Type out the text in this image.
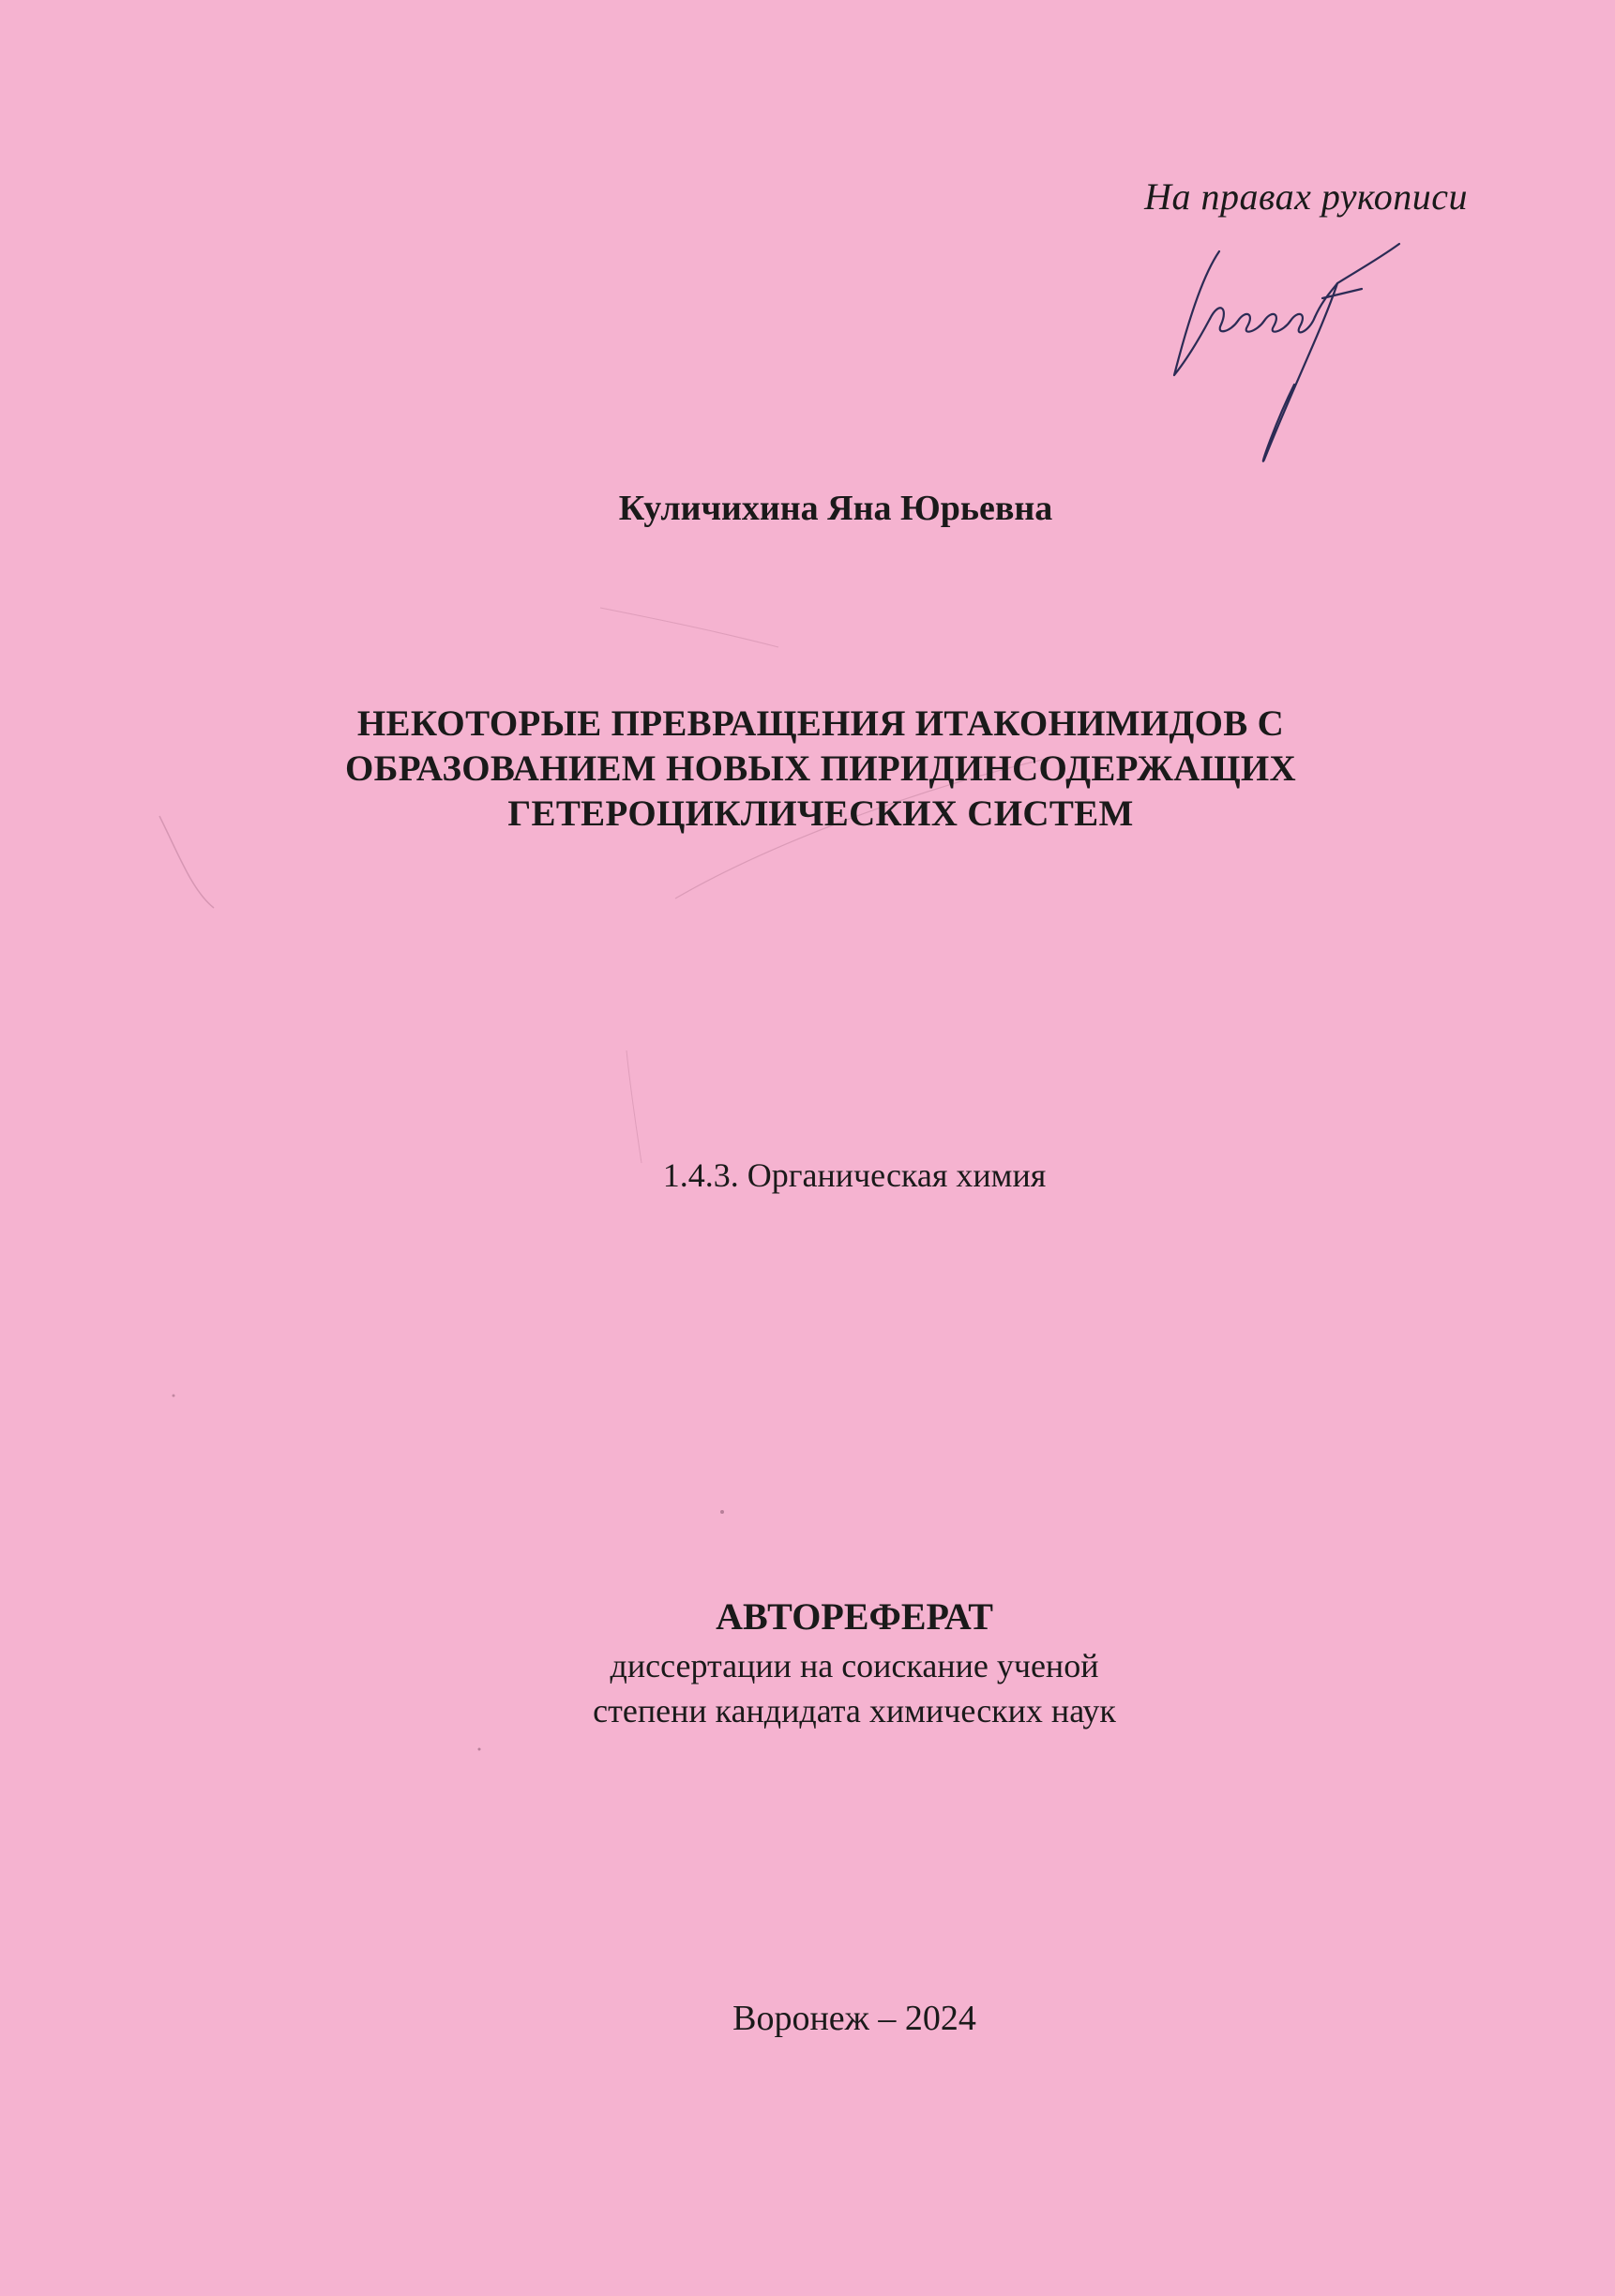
На правах рукописи
Куличихина Яна Юрьевна
НЕКОТОРЫЕ ПРЕВРАЩЕНИЯ ИТАКОНИМИДОВ С
ОБРАЗОВАНИЕМ НОВЫХ ПИРИДИНСОДЕРЖАЩИХ
ГЕТЕРОЦИКЛИЧЕСКИХ СИСТЕМ
1.4.3. Органическая химия
АВТОРЕФЕРАТ
диссертации на соискание ученой
степени кандидата химических наук
Воронеж – 2024
